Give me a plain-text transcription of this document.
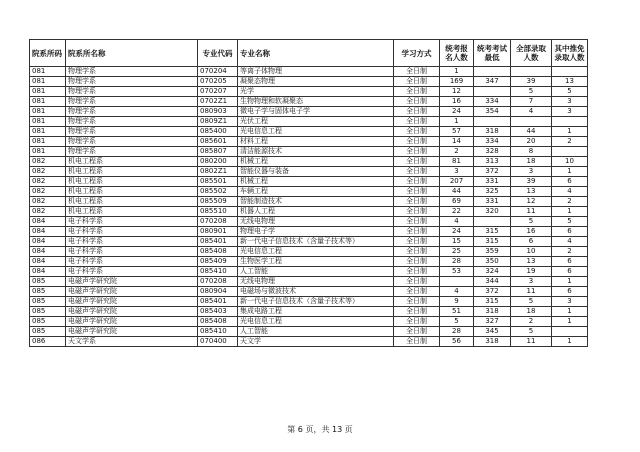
院系所码	院系所名称	专业代码	专业名称	学习方式	统考报名人数	统考考试最低	全部录取人数	其中推免录取人数
081	物理学系	070204	等离子体物理	全日制	1			
081	物理学系	070205	凝聚态物理	全日制	169	347	39	13
081	物理学系	070207	光学	全日制	12		5	5
081	物理学系	0702Z1	生物物理和软凝聚态	全日制	16	334	7	3
081	物理学系	080903	微电子学与固体电子学	全日制	24	354	4	3
081	物理学系	0809Z1	光伏工程	全日制	1			
081	物理学系	085400	光电信息工程	全日制	57	318	44	1
081	物理学系	085601	材料工程	全日制	14	334	20	2
081	物理学系	085807	清洁能源技术	全日制	2	328	8	
082	机电工程系	080200	机械工程	全日制	81	313	18	10
082	机电工程系	0802Z1	智能仪器与装备	全日制	3	372	3	1
082	机电工程系	085501	机械工程	全日制	207	331	39	6
082	机电工程系	085502	车辆工程	全日制	44	325	13	4
082	机电工程系	085509	智能制造技术	全日制	69	331	12	2
082	机电工程系	085510	机器人工程	全日制	22	320	11	1
084	电子科学系	070208	无线电物理	全日制	4		5	5
084	电子科学系	080901	物理电子学	全日制	24	315	16	6
084	电子科学系	085401	新一代电子信息技术（含量子技术等）	全日制	15	315	6	4
084	电子科学系	085408	光电信息工程	全日制	25	359	10	2
084	电子科学系	085409	生物医学工程	全日制	28	350	13	6
084	电子科学系	085410	人工智能	全日制	53	324	19	6
085	电磁声学研究院	070208	无线电物理	全日制		344	3	1
085	电磁声学研究院	080904	电磁场与微波技术	全日制	4	372	11	6
085	电磁声学研究院	085401	新一代电子信息技术（含量子技术等）	全日制	9	315	5	3
085	电磁声学研究院	085403	集成电路工程	全日制	51	318	18	1
085	电磁声学研究院	085408	光电信息工程	全日制	5	327	2	1
085	电磁声学研究院	085410	人工智能	全日制	28	345	5	
086	天文学系	070400	天文学	全日制	56	318	11	1
第 6 页，共 13 页
